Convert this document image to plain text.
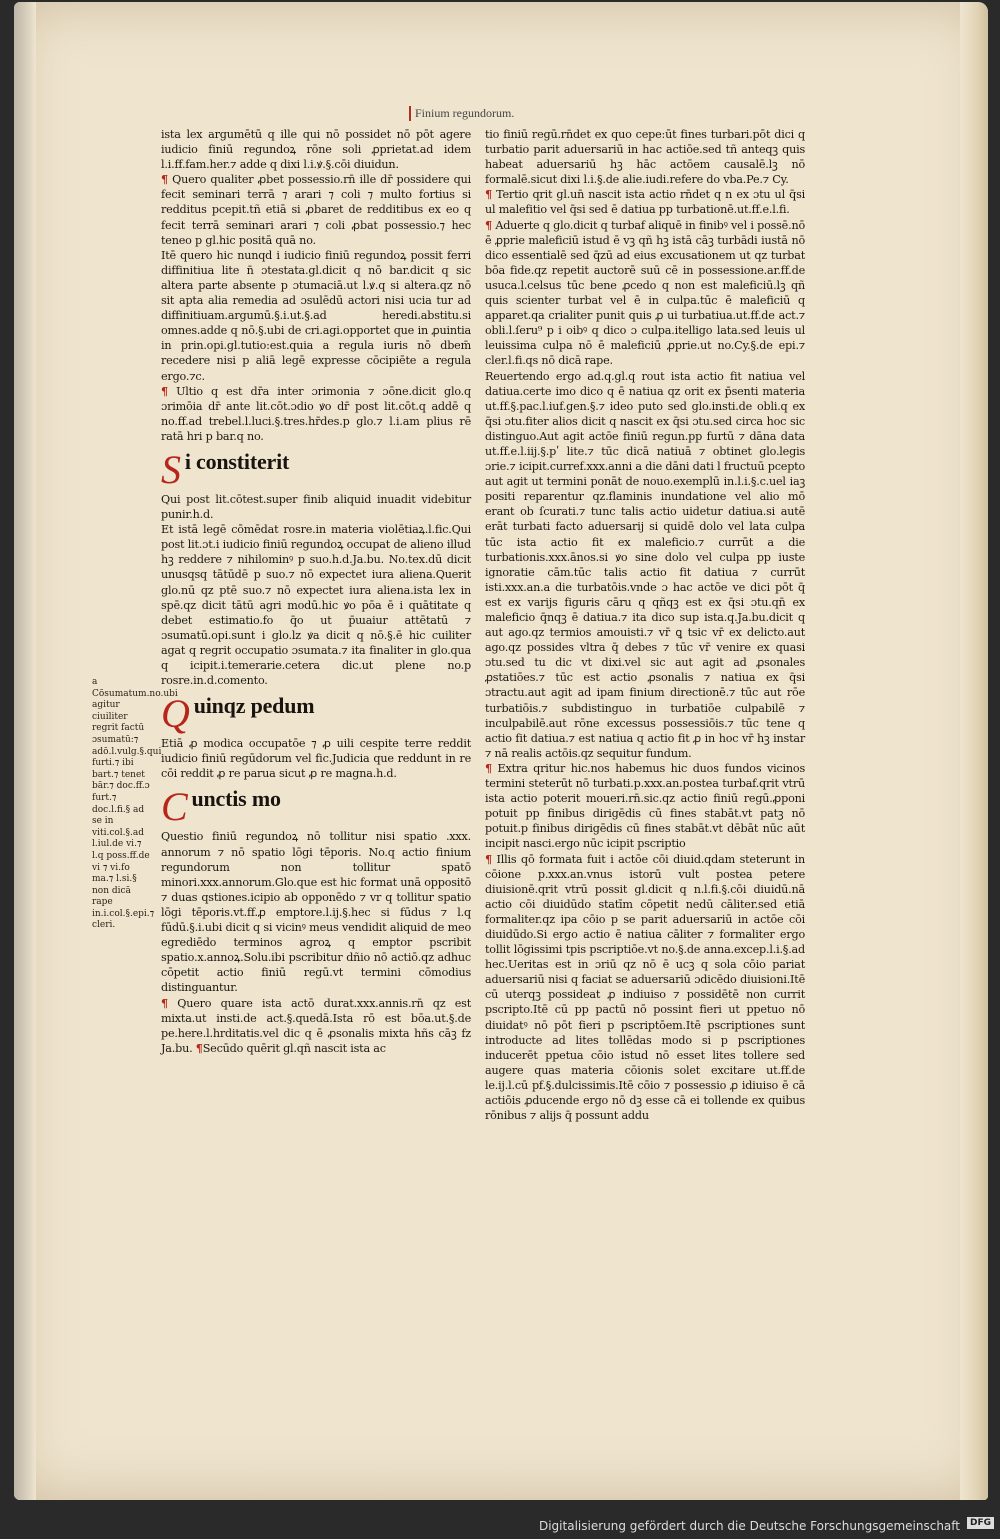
Finium regundorum.
a Cōsumatum.no.ubi agitur ciuiliter regrit factū ɔsumatū:⁊ adō.l.vulg.§.qui furti.⁊ ibi bart.⁊ tenet bār.⁊ doc.ff.ɔ furt.⁊ doc.l.fi.§ ad se in viti.col.§.ad l.iul.de vi.⁊ l.q poss.ff.de vi ⁊ vi.fo ma.⁊ l.si.§ non dicā rape in.i.col.§.epi.⁊ cleri.

ista lex argumētū q ille qui nō possidet nō pōt agere iudicio finiū regundoꝝ rōne soli ꝓprietat.ad idem l.i.ff.fam.her.⁊ adde q dixi l.i.ꝟ.§.cōi diuidun.

¶ Quero qualiter ꝓbet possessio.rn̄ ille dr̄ possidere qui fecit seminari terrā ⁊ arari ⁊ coli ⁊ multo fortius si redditus pcepit.tñ etiā si ꝓbaret de redditibus ex eo q fecit terrā seminari arari ⁊ coli ꝓbat possessio.⁊ hec teneo p gl.hic positā quā no.

Itē quero hic nunqd i iudicio finiū regundoꝝ possit ferri diffinitiua lite n̄ ɔtestata.gl.dicit q nō bar.dicit q sic altera parte absente p ɔtumaciā.ut l.ꝟ.q si altera.qz nō sit apta alia remedia ad ɔsulēdū actori nisi ucia tur ad diffinitiuam.argumū.§.i.ut.§.ad heredi.abstitu.si omnes.adde q nō.§.ubi de cri.agi.opportet que in ꝓuintia in prin.opi.gl.tutio:est.quia a regula iuris nō dbem̄ recedere nisi p aliā legē expresse cōcipiēte a regula ergo.⁊c.

¶ Ultio q est dr̄a inter ɔrimonia ⁊ ɔōne.dicit glo.q ɔrimōia dr̄ ante lit.cōt.ɔdio ꝟo dr̄ post lit.cōt.q addē q no.ff.ad trebel.l.luci.§.tres.hr̄des.p glo.⁊ l.i.am plius rē ratā hri p bar.q no.

S i constiterit

Qui post lit.cōtest.super finib aliquid inuadit videbitur punir.h.d.

Et istā legē cōmēdat rosre.in materia violētiaꝝ.l.fic.Qui post lit.ɔt.i iudicio finiū regundoꝝ occupat de alieno illud hꝫ reddere ⁊ nihilominꝰ p suo.h.d.Ja.bu. No.tex.dū dicit unusqsq tātūdē p suo.⁊ nō expectet iura aliena.Querit glo.nū qz ptē suo.⁊ nō expectet iura aliena.ista lex in spē.qz dicit tātū agri modū.hic ꝟo pōa ē i quātitate q debet estimatio.fo q̄o ut p̄ɯaiur attētatū ⁊ ɔsumatū.opi.sunt i glo.lz ꝟa dicit q nō.§.ē hic cuiliter agat q regrit occupatio ɔsumata.⁊ ita finaliter in glo.qua q icipit.i.temerarie.cetera dic.ut plene no.p rosre.in.d.comento.

Q uinqz pedum

Etiā ꝓ modica occupatōe ⁊ ꝓ uili cespite terre reddit iudicio finiū regūdorum vel fic.Judicia que reddunt in re cōi reddit ꝓ re parua sicut ꝓ re magna.h.d.

C unctis mo

Questio finiū regundoꝝ nō tollitur nisi spatio .xxx. annorum ⁊ nō spatio lōgi tēporis. No.q actio finium regundorum non tollitur spatō minori.xxx.annorum.Glo.que est hic format unā oppositō ⁊ duas qstiones.icipio ab opponēdo ⁊ vr q tollitur spatio lōgi tēporis.vt.ff.ꝓ emptore.l.ij.§.hec si fūdus ⁊ l.q fūdū.§.i.ubi dicit q si vicinꝰ meus vendidit aliquid de meo egrediēdo terminos agroꝝ q emptor pscribit spatio.x.annoꝝ.Solu.ibi pscribitur dñio nō actiō.qz adhuc cōpetit actio finiū regū.vt termini cōmodius distinguantur.

¶ Quero quare ista actō durat.xxx.annis.rn̄ qz est mixta.ut insti.de act.§.quedā.Ista rō est bōa.ut.§.de pe.here.l.hrditatis.vel dic q ē ꝓsonalis mixta hñs cāꝫ fz Ja.bu. ¶Secūdo quērit gl.qñ nascit ista ac

tio finiū regū.rn̄det ex quo cepe:ūt fines turbari.pōt dici q turbatio parit aduersariū in hac actiōe.sed tñ anteqꝫ quis habeat aduersariū hꝫ hāc actōem causalē.lꝫ nō formalē.sicut dixi l.i.§.de alie.iudi.refere do vba.Pe.⁊ Cy.

¶ Tertio qrit gl.un̄ nascit ista actio rn̄det q n ex ɔtu ul q̄si ul malefitio vel q̄si sed ē datiua pp turbationē.ut.ff.e.l.fi.

¶ Aduerte q glo.dicit q turbaf aliquē in finibꝰ vel i possē.nō ē ꝓprie maleficiū istud ē vꝫ qñ hꝫ istā cāꝫ turbādi iustā nō dico essentialē sed q̄zū ad eius excusationem ut qz turbat bōa fide.qz repetit auctorē suū cē in possessione.ar.ff.de usuca.l.celsus tūc bene ꝓcedo q non est maleficiū.lꝫ qñ quis scienter turbat vel ē in culpa.tūc ē maleficiū q apparet.qa crialiter punit quis ꝓ ui turbatiua.ut.ff.de act.⁊ obli.l.ſeru⁹ p i oibꝰ q dico ɔ culpa.itelligo lata.sed leuis ul leuissima culpa nō ē maleficiū ꝓprie.ut no.Cy.§.de epi.⁊ cler.l.fi.qs nō dicā rape.

Reuertendo ergo ad.q.gl.q rout ista actio fit natiua vel datiua.certe imo dico q ē natiua qz orit ex p̄senti materia ut.ff.§.pac.l.iuf.gen.§.⁊ ideo puto sed glo.insti.de obli.q ex q̄si ɔtu.fiter alios dicit q nascit ex q̄si ɔtu.sed circa hoc sic distinguo.Aut agit actōe finiū regun.pp furtū ⁊ dāna data ut.ff.e.l.iij.§.pʹ lite.⁊ tūc dicā natiuā ⁊ obtinet glo.legis ɔrie.⁊ icipit.curref.xxx.anni a die dāni dati l fructuū pcepto aut agit ut termini ponāt de nouo.exemplū in.l.i.§.c.uel iaꝫ positi reparentur qz.flaminis inundatione vel alio mō erant ob ſcurati.⁊ tunc talis actio uidetur datiua.si autē erāt turbati facto aduersarij si quidē dolo vel lata culpa tūc ista actio fit ex maleficio.⁊ currūt a die turbationis.xxx.ānos.si ꝟo sine dolo vel culpa pp iuste ignoratie cām.tūc talis actio fit datiua ⁊ currūt isti.xxx.an.a die turbatōis.vnde ɔ hac actōe ve dici pōt q̄ est ex varijs figuris cāru q qñqꝫ est ex q̄si ɔtu.qn̄ ex maleficio q̄nqꝫ ē datiua.⁊ ita dico sup ista.q.Ja.bu.dicit q aut ago.qz termios amouisti.⁊ vr̄ ꝗ tsic vr̄ ex delicto.aut ago.qz possides vltra q̄ debes ⁊ tūc vr̄ venire ex quasi ɔtu.sed tu dic vt dixi.vel sic aut agit ad ꝓsonales ꝓstatiōes.⁊ tūc est actio ꝓsonalis ⁊ natiua ex q̄si ɔtractu.aut agit ad ipam finium directionē.⁊ tūc aut rōe turbatiōis.⁊ subdistinguo in turbatiōe culpabilē ⁊ inculpabilē.aut rōne excessus possessiōis.⁊ tūc tene q actio fit datiua.⁊ est natiua q actio fit ꝓ in hoc vr̄ hꝫ instar ⁊ nā realis actōis.qz sequitur fundum.

¶ Extra qritur hic.nos habemus hic duos fundos vicinos termini steterūt nō turbati.p.xxx.an.postea turbaf.qrit vtrū ista actio poterit moueri.rn̄.sic.qz actio finiū regū.ꝓponi potuit pp finibus dirigēdis cū fines stabāt.vt patꝫ nō potuit.p finibus dirigēdis cū fines stabāt.vt dēbāt nūc aūt incipit nasci.ergo nūc icipit pscriptio

¶ Illis qō formata fuit i actōe cōi diuid.qdam steterunt in cōione p.xxx.an.vnus istorū vult postea petere diuisionē.qrit vtrū possit gl.dicit q n.l.fi.§.cōi diuidū.nā actio cōi diuidūdo statīm cōpetit nedū cāliter.sed etiā formaliter.qz ipa cōio p se parit aduersariū in actōe cōi diuidūdo.Si ergo actio ē natiua cāliter ⁊ formaliter ergo tollit lōgissimi tpis pscriptiōe.vt no.§.de anna.excep.l.i.§.ad hec.Ueritas est in ɔriū qz nō ē ucꝫ q sola cōio pariat aduersariū nisi q faciat se aduersariū ɔdicēdo diuisioni.Itē cū uterqꝫ possideat ꝓ indiuiso ⁊ possidētē non currit pscripto.Itē cū pp pactū nō possint fieri ut ppetuo nō diuidatꝰ nō pōt fieri p pscriptōem.Itē pscriptiones sunt introducte ad lites tollēdas modo si p pscriptiones inducerēt ppetua cōio istud nō esset lites tollere sed augere quas materia cōionis solet excitare ut.ff.de le.ij.l.cū pf.§.dulcissimis.Itē cōio ⁊ possessio ꝓ idiuiso ē cā actiōis ꝓducende ergo nō dꝫ esse cā ei tollende ex quibus rōnibus ⁊ alijs q̄ possunt addu

Digitalisierung gefördert durch die Deutsche Forschungsgemeinschaft	DFG
